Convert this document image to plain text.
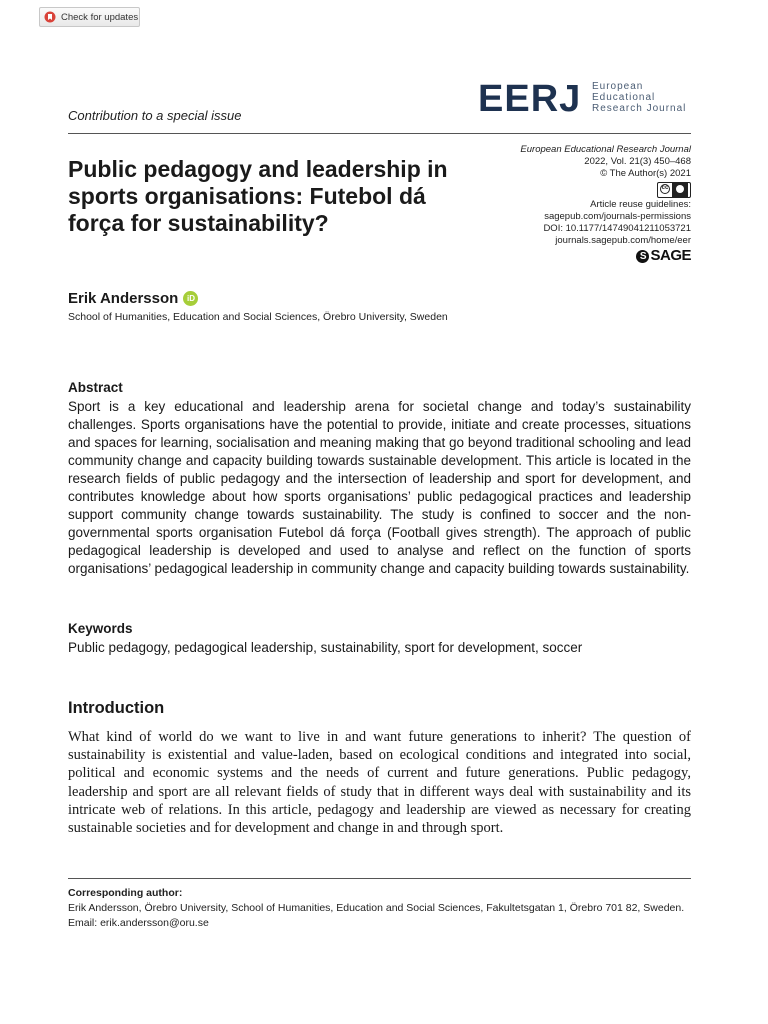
Check for updates
EERJ European
Educational
Research Journal
Contribution to a special issue
Public pedagogy and leadership in sports organisations: Futebol dá força for sustainability?
European Educational Research Journal
2022, Vol. 21(3) 450–468
© The Author(s) 2021
cc
Article reuse guidelines:
sagepub.com/journals-permissions
DOI: 10.1177/14749041211053721
journals.sagepub.com/home/eer
S SAGE
Erik Andersson iD
School of Humanities, Education and Social Sciences, Örebro University, Sweden
Abstract
Sport is a key educational and leadership arena for societal change and today’s sustainability challenges. Sports organisations have the potential to provide, initiate and create processes, situations and spaces for learning, socialisation and meaning making that go beyond traditional schooling and lead community change and capacity building towards sustainable development. This article is located in the research fields of public pedagogy and the intersection of leadership and sport for development, and contributes knowledge about how sports organisations’ public pedagogical practices and leadership support community change towards sustainability. The study is confined to soccer and the non-governmental sports organisation Futebol dá força (Football gives strength). The approach of public pedagogical leadership is developed and used to analyse and reflect on the function of sports organisations’ pedagogical leadership in community change and capacity building towards sustainability.
Keywords
Public pedagogy, pedagogical leadership, sustainability, sport for development, soccer
Introduction
What kind of world do we want to live in and want future generations to inherit? The question of sustainability is existential and value-laden, based on ecological conditions and integrated into social, political and economic systems and the needs of current and future generations. Public pedagogy, leadership and sport are all relevant fields of study that in different ways deal with sustainability and its intricate web of relations. In this article, pedagogy and leadership are viewed as necessary for creating sustainable societies and for development and change in and through sport.
Corresponding author:
Erik Andersson, Örebro University, School of Humanities, Education and Social Sciences, Fakultetsgatan 1, Örebro 701 82, Sweden.
Email: erik.andersson@oru.se
